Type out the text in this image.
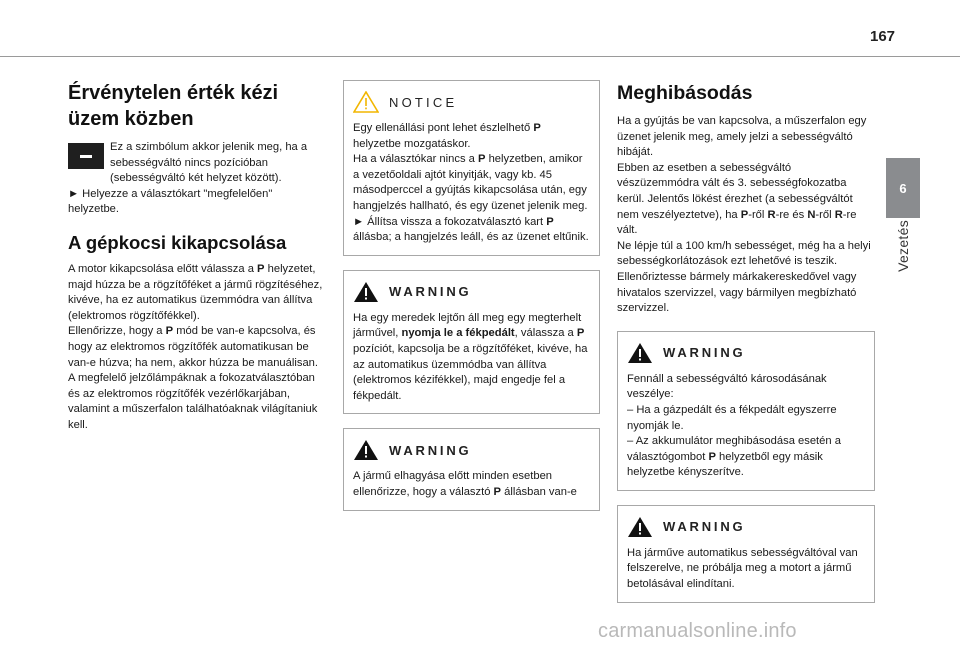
167
6
Vezetés
Érvénytelen érték kézi üzem közben

Ez a szimbólum akkor jelenik meg, ha a sebességváltó nincs pozícióban (sebességváltó két helyzet között).

► Helyezze a választókart "megfelelően" helyzetbe.

A gépkocsi kikapcsolása

A motor kikapcsolása előtt válassza a P helyzetet, majd húzza be a rögzítőféket a jármű rögzítéséhez, kivéve, ha ez automatikus üzemmódra van állítva (elektromos rögzítőfékkel).

Ellenőrizze, hogy a P mód be van-e kapcsolva, és hogy az elektromos rögzítőfék automatikusan be van-e húzva; ha nem, akkor húzza be manuálisan.

A megfelelő jelzőlámpáknak a fokozatválasztóban és az elektromos rögzítőfék vezérlőkarjában, valamint a műszerfalon találhatóaknak világítaniuk kell.

NOTICE

Egy ellenállási pont lehet észlelhető P helyzetbe mozgatáskor.

Ha a választókar nincs a P helyzetben, amikor a vezetőoldali ajtót kinyitják, vagy kb. 45 másodperccel a gyújtás kikapcsolása után, egy hangjelzés hallható, és egy üzenet jelenik meg.

► Állítsa vissza a fokozatválasztó kart P állásba; a hangjelzés leáll, és az üzenet eltűnik.

WARNING

Ha egy meredek lejtőn áll meg egy megterhelt járművel, nyomja le a fékpedált, válassza a P pozíciót, kapcsolja be a rögzítőféket, kivéve, ha az automatikus üzemmódba van állítva (elektromos kézifékkel), majd engedje fel a fékpedált.

WARNING

A jármű elhagyása előtt minden esetben ellenőrizze, hogy a választó P állásban van-e

Meghibásodás

Ha a gyújtás be van kapcsolva, a műszerfalon egy üzenet jelenik meg, amely jelzi a sebességváltó hibáját.

Ebben az esetben a sebességváltó vészüzemmódra vált és 3. sebességfokozatba kerül. Jelentős lökést érezhet (a sebességváltót nem veszélyeztetve), ha P-ről R-re és N-ről R-re vált.

Ne lépje túl a 100 km/h sebességet, még ha a helyi sebességkorlátozások ezt lehetővé is teszik.

Ellenőriztesse bármely márkakereskedővel vagy hivatalos szervizzel, vagy bármilyen megbízható szervizzel.

WARNING

Fennáll a sebességváltó károsodásának veszélye:

– Ha a gázpedált és a fékpedált egyszerre nyomják le.

– Az akkumulátor meghibásodása esetén a választógombot P helyzetből egy másik helyzetbe kényszerítve.

WARNING

Ha járműve automatikus sebességváltóval van felszerelve, ne próbálja meg a motort a jármű betolásával elindítani.

carmanualsonline.info
